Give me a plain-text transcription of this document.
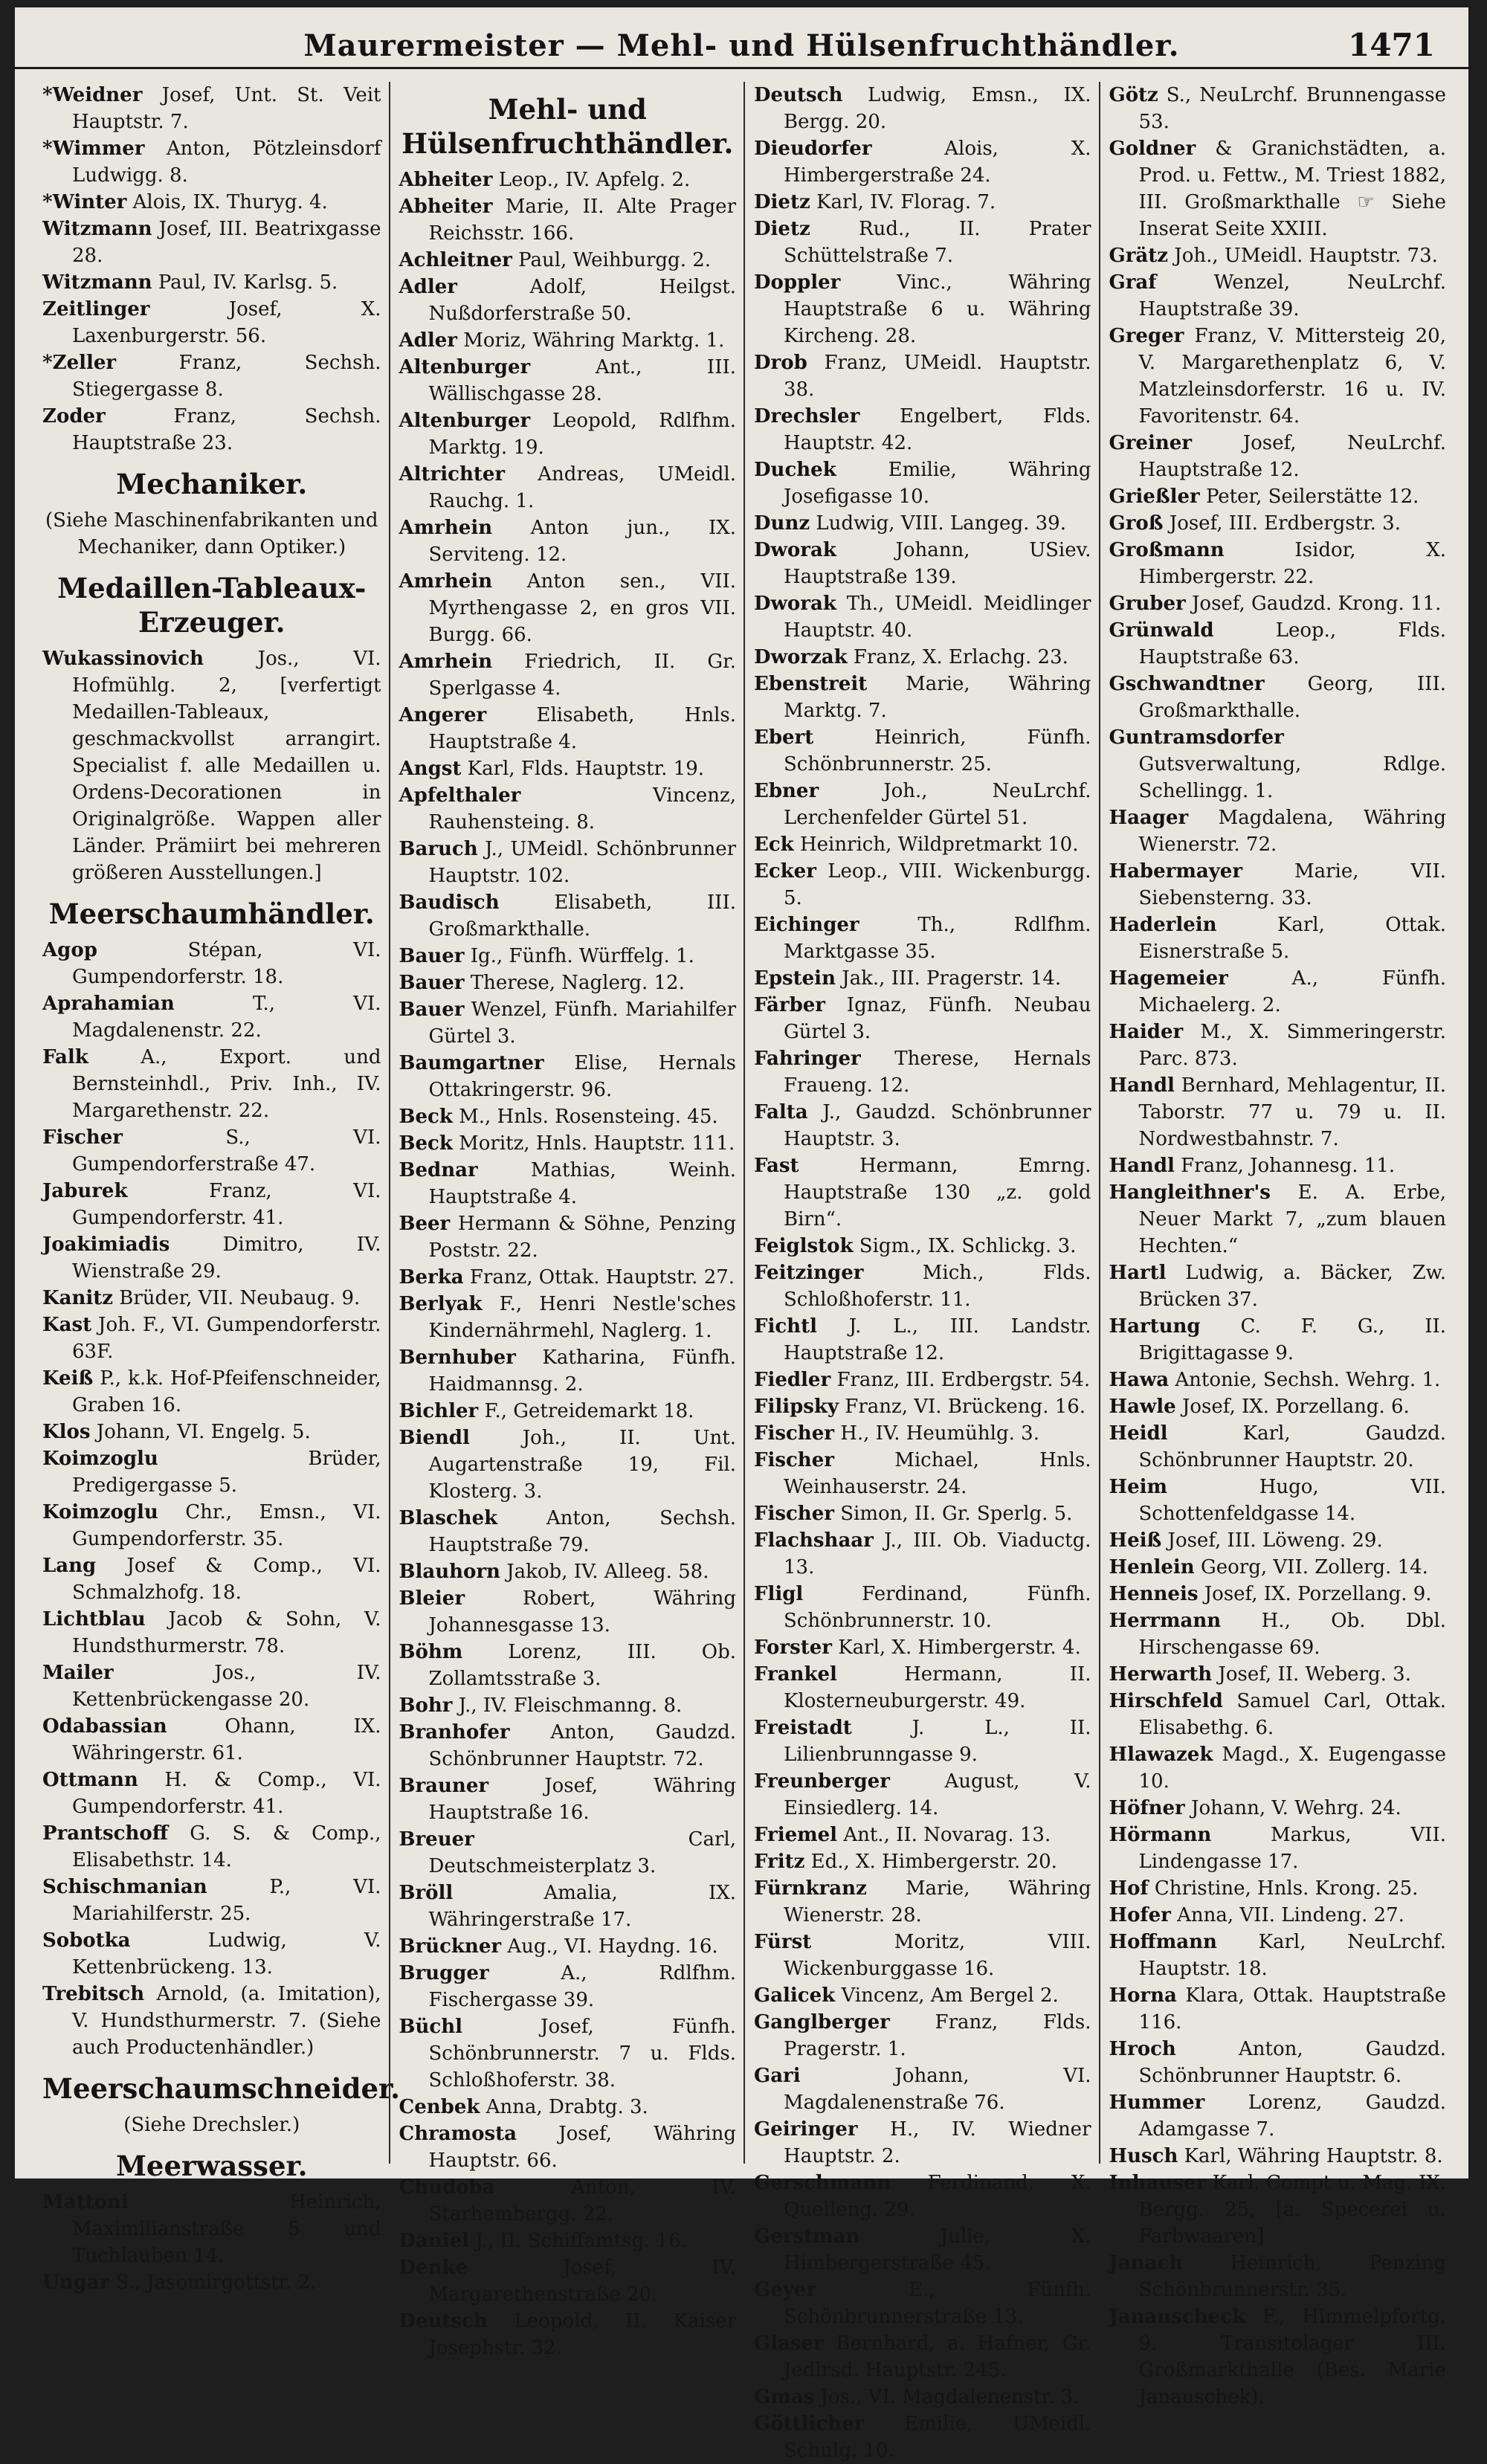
Maurermeister — Mehl- und Hülsenfruchthändler.	1471

*Weidner Josef, Unt. St. Veit Hauptstr. 7.

*Wimmer Anton, Pötzleinsdorf Ludwigg. 8.

*Winter Alois, IX. Thuryg. 4.

Witzmann Josef, III. Beatrixgasse 28.

Witzmann Paul, IV. Karlsg. 5.

Zeitlinger	Josef, X. Laxenburgerstr. 56.

*Zeller	Franz, Sechsh. Stiegergasse 8.

Zoder	Franz, Sechsh. Hauptstraße 23.

Mechaniker.
(Siehe Maschinenfabrikanten und Mechaniker, dann Optiker.)
Medaillen-Tableaux-Erzeuger.

Wukassinovich	Jos., VI. Hofmühlg. 2, [verfertigt Medaillen-Tableaux, geschmackvollst arrangirt. Specialist f. alle Medaillen u. Ordens-Decorationen in Originalgröße. Wappen aller Länder. Prämiirt bei mehreren größeren Ausstellungen.]

Meerschaumhändler.

Agop	Stépan, VI. Gumpendorferstr. 18.

Aprahamian	T., VI. Magdalenenstr. 22.

Falk	A., Export. und Bernsteinhdl., Priv. Inh., IV. Margarethenstr. 22.

Fischer	S., VI. Gumpendorferstraße 47.

Jaburek	Franz, VI. Gumpendorferstr. 41.

Joakimiadis	Dimitro, IV. Wienstraße 29.

Kanitz Brüder, VII. Neubaug. 9.

Kast Joh. F., VI. Gumpendorferstr. 63F.

Keiß P., k.k. Hof-Pfeifenschneider, Graben 16.

Klos Johann, VI. Engelg. 5.

Koimzoglu	Brüder, Predigergasse 5.

Koimzoglu Chr., Emsn., VI. Gumpendorferstr. 35.

Lang Josef & Comp., VI. Schmalzhofg. 18.

Lichtblau Jacob & Sohn, V. Hundsthurmerstr. 78.

Mailer	Jos., IV. Kettenbrückengasse 20.

Odabassian	Ohann, IX. Währingerstr. 61.

Ottmann H. & Comp., VI. Gumpendorferstr. 41.

Prantschoff G. S. & Comp., Elisabethstr. 14.

Schischmanian	P., VI. Mariahilferstr. 25.

Sobotka	Ludwig, V. Kettenbrückeng. 13.

Trebitsch Arnold, (a. Imitation), V. Hundsthurmerstr. 7. (Siehe auch Productenhändler.)

Meerschaumschneider.
(Siehe Drechsler.)
Meerwasser.

Mattoni	Heinrich, Maximilianstraße 5 und Tuchlauben 14.

Ungar S., Jasomirgottstr. 2.

Mehl- und Hülsenfruchthändler.

Abheiter Leop., IV. Apfelg. 2.

Abheiter Marie, II. Alte Prager Reichsstr. 166.

Achleitner Paul, Weihburgg. 2.

Adler	Adolf, Heilgst. Nußdorferstraße 50.

Adler Moriz, Währing Marktg. 1.

Altenburger	Ant., III. Wällischgasse 28.

Altenburger Leopold, Rdlfhm. Marktg. 19.

Altrichter Andreas, UMeidl. Rauchg. 1.

Amrhein Anton jun., IX. Serviteng. 12.

Amrhein Anton sen., VII. Myrthengasse 2, en gros VII. Burgg. 66.

Amrhein Friedrich, II. Gr. Sperlgasse 4.

Angerer	Elisabeth, Hnls. Hauptstraße 4.

Angst Karl, Flds. Hauptstr. 19.

Apfelthaler	Vincenz, Rauhensteing. 8.

Baruch J., UMeidl. Schönbrunner Hauptstr. 102.

Baudisch	Elisabeth, III. Großmarkthalle.

Bauer Ig., Fünfh. Würffelg. 1.

Bauer Therese, Naglerg. 12.

Bauer Wenzel, Fünfh. Mariahilfer Gürtel 3.

Baumgartner Elise, Hernals Ottakringerstr. 96.

Beck M., Hnls. Rosensteing. 45.

Beck Moritz, Hnls. Hauptstr. 111.

Bednar	Mathias, Weinh. Hauptstraße 4.

Beer Hermann & Söhne, Penzing Poststr. 22.

Berka Franz, Ottak. Hauptstr. 27.

Berlyak F., Henri Nestle'sches Kindernährmehl, Naglerg. 1.

Bernhuber Katharina, Fünfh. Haidmannsg. 2.

Bichler F., Getreidemarkt 18.

Biendl	Joh., II. Unt. Augartenstraße 19, Fil. Klosterg. 3.

Blaschek	Anton, Sechsh. Hauptstraße 79.

Blauhorn Jakob, IV. Alleeg. 58.

Bleier	Robert, Währing Johannesgasse 13.

Böhm Lorenz, III. Ob. Zollamtsstraße 3.

Bohr J., IV. Fleischmanng. 8.

Branhofer Anton, Gaudzd. Schönbrunner Hauptstr. 72.

Brauner	Josef, Währing Hauptstraße 16.

Breuer	Carl, Deutschmeisterplatz 3.

Bröll	Amalia, IX. Währingerstraße 17.

Brückner Aug., VI. Haydng. 16.

Brugger	A., Rdlfhm. Fischergasse 39.

Büchl	Josef, Fünfh. Schönbrunnerstr. 7 u. Flds. Schloßhoferstr. 38.

Cenbek Anna, Drabtg. 3.

Chramosta Josef, Währing Hauptstr. 66.

Chudoba	Anton, IV. Starhembergg. 22.

Daniel J., II. Schiffamtsg. 16.

Denke	Josef, IV. Margarethenstraße 20.

Deutsch Leopold, II. Kaiser Josephstr. 32.

Deutsch Ludwig, Emsn., IX. Bergg. 20.

Dieudorfer	Alois, X. Himbergerstraße 24.

Dietz Karl, IV. Florag. 7.

Dietz	Rud., II. Prater Schüttelstraße 7.

Doppler	Vinc., Währing Hauptstraße 6 u. Währing Kircheng. 28.

Drob Franz, UMeidl. Hauptstr. 38.

Drechsler Engelbert, Flds. Hauptstr. 42.

Duchek	Emilie, Währing Josefigasse 10.

Dunz Ludwig, VIII. Langeg. 39.

Dworak	Johann, USiev. Hauptstraße 139.

Dworak Th., UMeidl. Meidlinger Hauptstr. 40.

Dworzak Franz, X. Erlachg. 23.

Ebenstreit Marie, Währing Marktg. 7.

Ebert	Heinrich, Fünfh. Schönbrunnerstr. 25.

Ebner	Joh., NeuLrchf. Lerchenfelder Gürtel 51.

Eck Heinrich, Wildpretmarkt 10.

Ecker Leop., VIII. Wickenburgg. 5.

Eichinger	Th., Rdlfhm. Marktgasse 35.

Epstein Jak., III. Pragerstr. 14.

Färber Ignaz, Fünfh. Neubau Gürtel 3.

Fahringer Therese, Hernals Fraueng. 12.

Falta J., Gaudzd. Schönbrunner Hauptstr. 3.

Fast	Hermann, Emrng. Hauptstraße 130 „z. gold Birn“.

Feiglstok Sigm., IX. Schlickg. 3.

Feitzinger	Mich., Flds. Schloßhoferstr. 11.

Fichtl J. L., III. Landstr. Hauptstraße 12.

Fiedler Franz, III. Erdbergstr. 54.

Filipsky Franz, VI. Brückeng. 16.

Fischer H., IV. Heumühlg. 3.

Fischer	Michael, Hnls. Weinhauserstr. 24.

Fischer Simon, II. Gr. Sperlg. 5.

Flachshaar J., III. Ob. Viaductg. 13.

Fligl	Ferdinand, Fünfh. Schönbrunnerstr. 10.

Forster Karl, X. Himbergerstr. 4.

Frankel	Hermann, II. Klosterneuburgerstr. 49.

Freistadt	J. L., II. Lilienbrunngasse 9.

Freunberger	August, V. Einsiedlerg. 14.

Friemel Ant., II. Novarag. 13.

Fritz Ed., X. Himbergerstr. 20.

Fürnkranz Marie, Währing Wienerstr. 28.

Fürst	Moritz, VIII. Wickenburggasse 16.

Galicek Vincenz, Am Bergel 2.

Ganglberger Franz, Flds. Pragerstr. 1.

Gari	Johann, VI. Magdalenenstraße 76.

Geiringer H., IV. Wiedner Hauptstr. 2.

Gerschmann Ferdinand, X. Quelleng. 29.

Gerstman	Julie, X. Himbergerstraße 45.

Geyer	E., Fünfh. Schönbrunnerstraße 13.

Glaser Bernhard, a. Hafner, Gr. Jedlrsd. Hauptstr. 245.

Gmas Jos., VI. Magdalenenstr. 3.

Göttlicher Emilie, UMeidl. Schulg. 10.

Götz S., NeuLrchf. Brunnengasse 53.

Goldner & Granichstädten, a. Prod. u. Fettw., M. Triest 1882, III. Großmarkthalle ☞ Siehe Inserat Seite XXIII.

Grätz Joh., UMeidl. Hauptstr. 73.

Graf	Wenzel, NeuLrchf. Hauptstraße 39.

Greger Franz, V. Mittersteig 20, V. Margarethenplatz 6, V. Matzleinsdorferstr. 16 u. IV. Favoritenstr. 64.

Greiner	Josef, NeuLrchf. Hauptstraße 12.

Grießler Peter, Seilerstätte 12.

Groß Josef, III. Erdbergstr. 3.

Großmann	Isidor, X. Himbergerstr. 22.

Gruber Josef, Gaudzd. Krong. 11.

Grünwald	Leop., Flds. Hauptstraße 63.

Gschwandtner Georg, III. Großmarkthalle.

Guntramsdorfer Gutsverwaltung, Rdlge. Schellingg. 1.

Haager Magdalena, Währing Wienerstr. 72.

Habermayer	Marie, VII. Siebensterng. 33.

Haderlein	Karl, Ottak. Eisnerstraße 5.

Hagemeier	A., Fünfh. Michaelerg. 2.

Haider M., X. Simmeringerstr. Parc. 873.

Handl Bernhard, Mehlagentur, II. Taborstr. 77 u. 79 u. II. Nordwestbahnstr. 7.

Handl Franz, Johannesg. 11.

Hangleithner's E. A. Erbe, Neuer Markt 7, „zum blauen Hechten.“

Hartl Ludwig, a. Bäcker, Zw. Brücken 37.

Hartung C. F. G., II. Brigittagasse 9.

Hawa Antonie, Sechsh. Wehrg. 1.

Hawle Josef, IX. Porzellang. 6.

Heidl	Karl, Gaudzd. Schönbrunner Hauptstr. 20.

Heim	Hugo, VII. Schottenfeldgasse 14.

Heiß Josef, III. Löweng. 29.

Henlein Georg, VII. Zollerg. 14.

Henneis Josef, IX. Porzellang. 9.

Herrmann H., Ob. Dbl. Hirschengasse 69.

Herwarth Josef, II. Weberg. 3.

Hirschfeld Samuel Carl, Ottak. Elisabethg. 6.

Hlawazek Magd., X. Eugengasse 10.

Höfner Johann, V. Wehrg. 24.

Hörmann	Markus, VII. Lindengasse 17.

Hof Christine, Hnls. Krong. 25.

Hofer Anna, VII. Lindeng. 27.

Hoffmann Karl, NeuLrchf. Hauptstr. 18.

Horna Klara, Ottak. Hauptstraße 116.

Hroch	Anton, Gaudzd. Schönbrunner Hauptstr. 6.

Hummer Lorenz, Gaudzd. Adamgasse 7.

Husch Karl, Währing Hauptstr. 8.

Inhauser Karl, Compt u. Mag. IX. Bergg. 25, [a. Specerei u. Farbwaaren]

Janach Heinrich, Penzing Schönbrunnerstr. 35.

Janauscheck F., Himmelpfortg. 9. Transitolager III. Großmarkthalle (Bes. Marie Janauschek).
